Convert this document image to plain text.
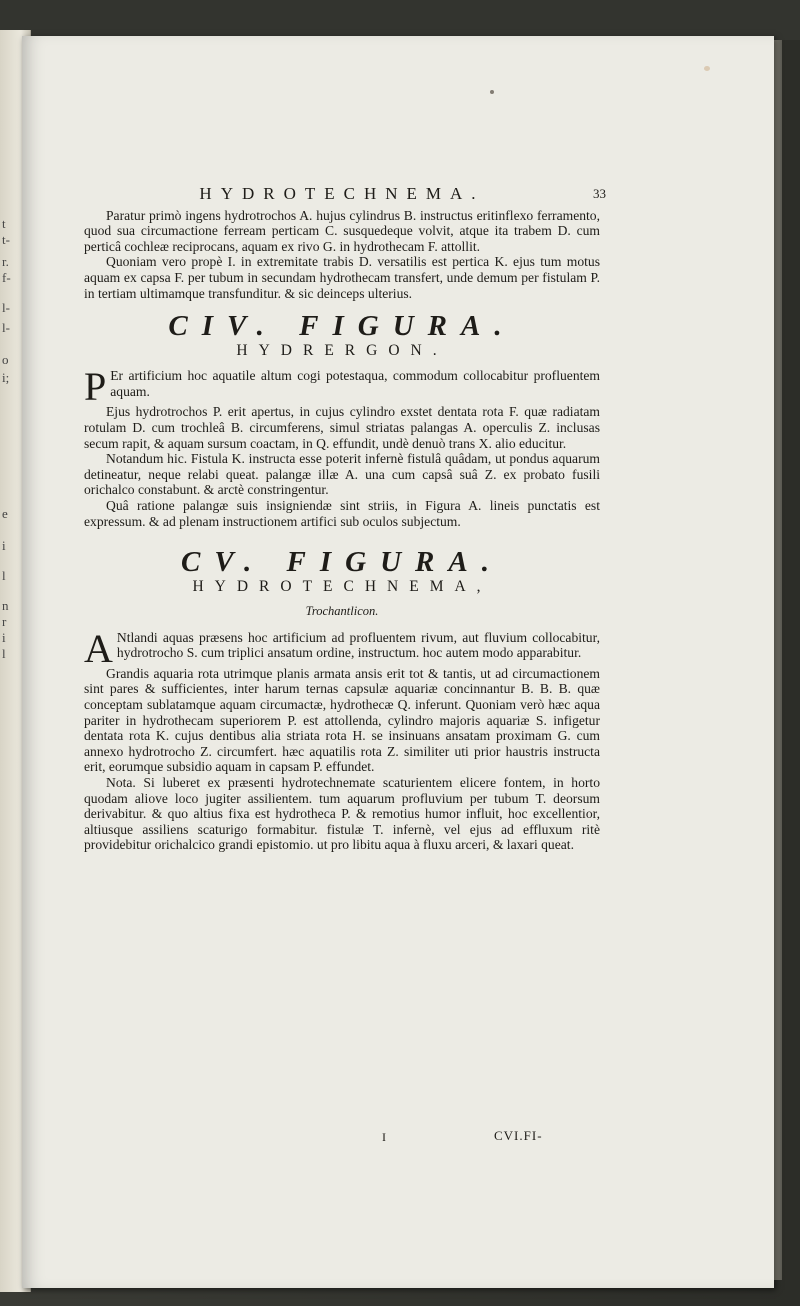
t
t-
r.
f-
l-
l-
o
i;
e
i
l
n
r
i
l
HYDROTECHNEMA.	33

Paratur primò ingens hydrotrochos A. hujus cylindrus B. instructus eritinflexo ferramento, quod sua circumactione ferream perticam C. susquedeque volvit, atque ita trabem D. cum perticâ cochleæ reciprocans, aquam ex rivo G. in hydrothecam F. attollit.

Quoniam vero propè I. in extremitate trabis D. versatilis est pertica K. ejus tum motus aquam ex capsa F. per tubum in secundam hydrothecam transfert, unde demum per fistulam P. in tertiam ultimamque transfunditur. & sic deinceps ulterius.

CIV. FIGURA.
HYDRERGON.

P Er artificium hoc aquatile altum cogi potestaqua, commodum collocabitur profluentem aquam.

Ejus hydrotrochos P. erit apertus, in cujus cylindro exstet dentata rota F. quæ radiatam rotulam D. cum trochleâ B. circumferens, simul striatas palangas A. operculis Z. inclusas secum rapit, & aquam sursum coactam, in Q. effundit, undè denuò trans X. alio educitur.

Notandum hic. Fistula K. instructa esse poterit infernè fistulâ quâdam, ut pondus aquarum detineatur, neque relabi queat. palangæ illæ A. una cum capsâ suâ Z. ex probato fusili orichalco constabunt. & arctè constringentur.

Quâ ratione palangæ suis insigniendæ sint striis, in Figura A. lineis punctatis est expressum. & ad plenam instructionem artifici sub oculos subjectum.

CV. FIGURA.
HYDROTECHNEMA,
Trochantlicon.

A Ntlandi aquas præsens hoc artificium ad profluentem rivum, aut fluvium collocabitur, hydrotrocho S. cum triplici ansatum ordine, instructum. hoc autem modo apparabitur.

Grandis aquaria rota utrimque planis armata ansis erit tot & tantis, ut ad circumactionem sint pares & sufficientes, inter harum ternas capsulæ aquariæ concinnantur B. B. B. quæ conceptam sublatamque aquam circumactæ, hydrothecæ Q. inferunt. Quoniam verò hæc aqua pariter in hydrothecam superiorem P. est attollenda, cylindro majoris aquariæ S. infigetur dentata rota K. cujus dentibus alia striata rota H. se insinuans ansatam proximam G. cum annexo hydrotrocho Z. circumfert. hæc aquatilis rota Z. similiter uti prior haustris instructa erit, eorumque subsidio aquam in capsam P. effundet.

Nota. Si luberet ex præsenti hydrotechnemate scaturientem elicere fontem, in horto quodam aliove loco jugiter assilientem. tum aquarum profluvium per tubum T. deorsum derivabitur. & quo altius fixa est hydrotheca P. & remotius humor influit, hoc excellentior, altiusque assiliens scaturigo formabitur. fistulæ T. infernè, vel ejus ad effluxum ritè providebitur orichalcico grandi epistomio. ut pro libitu aqua à fluxu arceri, & laxari queat.

I	CVI.FI-
